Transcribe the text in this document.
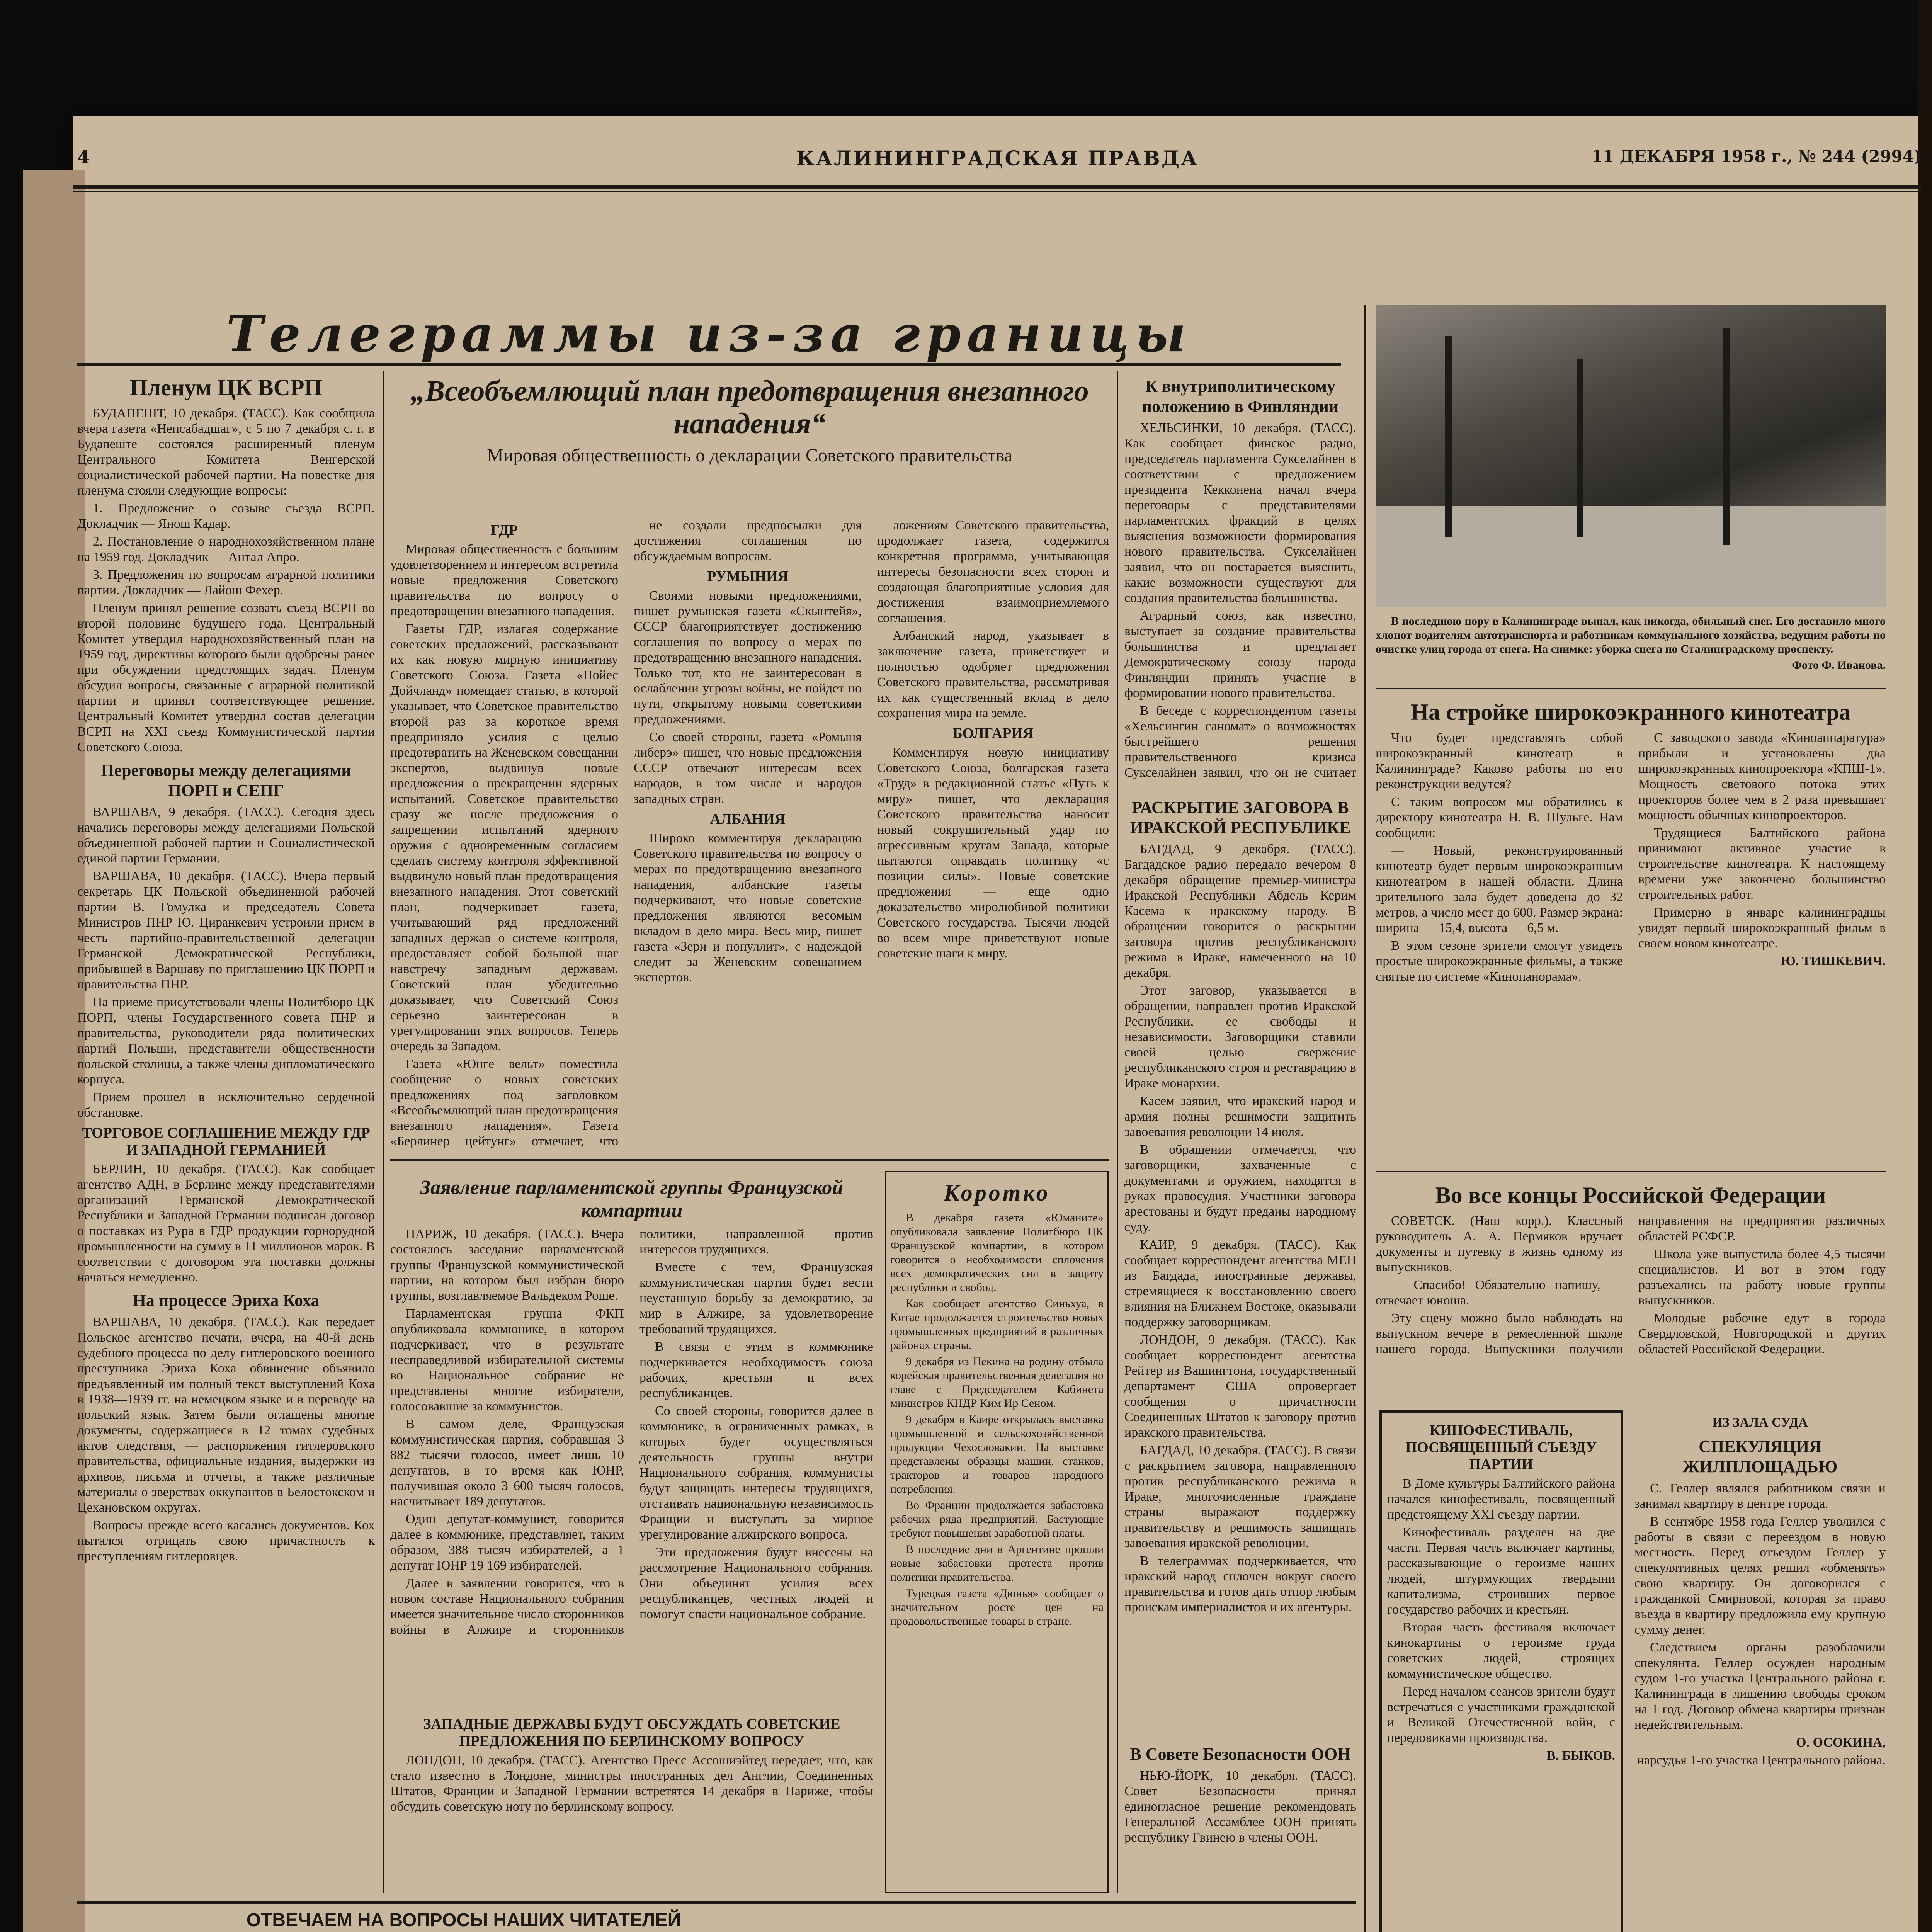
4	КАЛИНИНГРАДСКАЯ ПРАВДА	11 ДЕКАБРЯ 1958 г., № 244 (2994)
Телеграммы из-за границы

Пленум ЦК ВСРП

БУДАПЕШТ, 10 декабря. (ТАСС). Как сообщила вчера газета «Непсабадшаг», с 5 по 7 декабря с. г. в Будапеште состоялся расширенный пленум Центрального Комитета Венгерской социалистической рабочей партии. На повестке дня пленума стояли следующие вопросы:

1. Предложение о созыве съезда ВСРП. Докладчик — Янош Кадар.

2. Постановление о народнохозяйственном плане на 1959 год. Докладчик — Антал Апро.

3. Предложения по вопросам аграрной политики партии. Докладчик — Лайош Фехер.

Пленум принял решение созвать съезд ВСРП во второй половине будущего года. Центральный Комитет утвердил народнохозяйственный план на 1959 год, директивы которого были одобрены ранее при обсуждении предстоящих задач. Пленум обсудил вопросы, связанные с аграрной политикой партии и принял соответствующее решение. Центральный Комитет утвердил состав делегации ВСРП на XXI съезд Коммунистической партии Советского Союза.

Переговоры между делегациями ПОРП и СЕПГ

ВАРШАВА, 9 декабря. (ТАСС). Сегодня здесь начались переговоры между делегациями Польской объединенной рабочей партии и Социалистической единой партии Германии.

ВАРШАВА, 10 декабря. (ТАСС). Вчера первый секретарь ЦК Польской объединенной рабочей партии В. Гомулка и председатель Совета Министров ПНР Ю. Циранкевич устроили прием в честь партийно-правительственной делегации Германской Демократической Республики, прибывшей в Варшаву по приглашению ЦК ПОРП и правительства ПНР.

На приеме присутствовали члены Политбюро ЦК ПОРП, члены Государственного совета ПНР и правительства, руководители ряда политических партий Польши, представители общественности польской столицы, а также члены дипломатического корпуса.

Прием прошел в исключительно сердечной обстановке.

ТОРГОВОЕ СОГЛАШЕНИЕ МЕЖДУ ГДР И ЗАПАДНОЙ ГЕРМАНИЕЙ

БЕРЛИН, 10 декабря. (ТАСС). Как сообщает агентство АДН, в Берлине между представителями организаций Германской Демократической Республики и Западной Германии подписан договор о поставках из Рура в ГДР продукции горнорудной промышленности на сумму в 11 миллионов марок. В соответствии с договором эта поставки должны начаться немедленно.

На процессе Эриха Коха

ВАРШАВА, 10 декабря. (ТАСС). Как передает Польское агентство печати, вчера, на 40-й день судебного процесса по делу гитлеровского военного преступника Эриха Коха обвинение объявило предъявленный им полный текст выступлений Коха в 1938—1939 гг. на немецком языке и в переводе на польский язык. Затем были оглашены многие документы, содержащиеся в 12 томах судебных актов следствия, — распоряжения гитлеровского правительства, официальные издания, выдержки из архивов, письма и отчеты, а также различные материалы о зверствах оккупантов в Белостокском и Цехановском округах.

Вопросы прежде всего касались документов. Кох пытался отрицать свою причастность к преступлениям гитлеровцев.

„Всеобъемлющий план предотвращения внезапного нападения“

Мировая общественность о декларации Советского правительства

ГДР

Мировая общественность с большим удовлетворением и интересом встретила новые предложения Советского правительства по вопросу о предотвращении внезапного нападения.

Газеты ГДР, излагая содержание советских предложений, рассказывают их как новую мирную инициативу Советского Союза. Газета «Нойес Дойчланд» помещает статью, в которой указывает, что Советское правительство второй раз за короткое время предприняло усилия с целью предотвратить на Женевском совещании экспертов, выдвинув новые предложения о прекращении ядерных испытаний. Советское правительство сразу же после предложения о запрещении испытаний ядерного оружия с одновременным согласием сделать систему контроля эффективной выдвинуло новый план предотвращения внезапного нападения. Этот советский план, подчеркивает газета, учитывающий ряд предложений западных держав о системе контроля, предоставляет собой большой шаг навстречу западным державам. Советский план убедительно доказывает, что Советский Союз серьезно заинтересован в урегулировании этих вопросов. Теперь очередь за Западом.

Газета «Юнге вельт» поместила сообщение о новых советских предложениях под заголовком «Всеобъемлющий план предотвращения внезапного нападения». Газета «Берлинер цейтунг» отмечает, что

не создали предпосылки для достижения соглашения по обсуждаемым вопросам.

РУМЫНИЯ

Своими новыми предложениями, пишет румынская газета «Скынтейя», СССР благоприятствует достижению соглашения по вопросу о мерах по предотвращению внезапного нападения. Только тот, кто не заинтересован в ослаблении угрозы войны, не пойдет по пути, открытому новыми советскими предложениями.

Со своей стороны, газета «Ромыня либерэ» пишет, что новые предложения СССР отвечают интересам всех народов, в том числе и народов западных стран.

АЛБАНИЯ

Широко комментируя декларацию Советского правительства по вопросу о мерах по предотвращению внезапного нападения, албанские газеты подчеркивают, что новые советские предложения являются весомым вкладом в дело мира. Весь мир, пишет газета «Зери и популлит», с надеждой следит за Женевским совещанием экспертов.

ложениям Советского правительства, продолжает газета, содержится конкретная программа, учитывающая интересы безопасности всех сторон и создающая благоприятные условия для достижения взаимоприемлемого соглашения.

Албанский народ, указывает в заключение газета, приветствует и полностью одобряет предложения Советского правительства, рассматривая их как существенный вклад в дело сохранения мира на земле.

БОЛГАРИЯ

Комментируя новую инициативу Советского Союза, болгарская газета «Труд» в редакционной статье «Путь к миру» пишет, что декларация Советского правительства наносит новый сокрушительный удар по агрессивным кругам Запада, которые пытаются оправдать политику «с позиции силы». Новые советские предложения — еще одно доказательство миролюбивой политики Советского государства. Тысячи людей во всем мире приветствуют новые советские шаги к миру.

Заявление парламентской группы Французской компартии

ПАРИЖ, 10 декабря. (ТАСС). Вчера состоялось заседание парламентской группы Французской коммунистической партии, на котором был избран бюро группы, возглавляемое Вальдеком Роше.

Парламентская группа ФКП опубликовала коммюнике, в котором подчеркивает, что в результате несправедливой избирательной системы во Национальное собрание не представлены многие избиратели, голосовавшие за коммунистов.

В самом деле, Французская коммунистическая партия, собравшая 3 882 тысячи голосов, имеет лишь 10 депутатов, в то время как ЮНР, получившая около 3 600 тысяч голосов, насчитывает 189 депутатов.

Один депутат-коммунист, говорится далее в коммюнике, представляет, таким образом, 388 тысяч избирателей, а 1 депутат ЮНР 19 169 избирателей.

Далее в заявлении говорится, что в новом составе Национального собрания имеется значительное число сторонников войны в Алжире и сторонников политики, направленной против интересов трудящихся.

Вместе с тем, Французская коммунистическая партия будет вести неустанную борьбу за демократию, за мир в Алжире, за удовлетворение требований трудящихся.

В связи с этим в коммюнике подчеркивается необходимость союза рабочих, крестьян и всех республиканцев.

Со своей стороны, говорится далее в коммюнике, в ограниченных рамках, в которых будет осуществляться деятельность группы внутри Национального собрания, коммунисты будут защищать интересы трудящихся, отстаивать национальную независимость Франции и выступать за мирное урегулирование алжирского вопроса.

Эти предложения будут внесены на рассмотрение Национального собрания. Они объединят усилия всех республиканцев, честных людей и помогут спасти национальное собрание.

ЗАПАДНЫЕ ДЕРЖАВЫ БУДУТ ОБСУЖДАТЬ СОВЕТСКИЕ ПРЕДЛОЖЕНИЯ ПО БЕРЛИНСКОМУ ВОПРОСУ

ЛОНДОН, 10 декабря. (ТАСС). Агентство Пресс Ассошиэйтед передает, что, как стало известно в Лондоне, министры иностранных дел Англии, Соединенных Штатов, Франции и Западной Германии встретятся 14 декабря в Париже, чтобы обсудить советскую ноту по берлинскому вопросу.

Коротко

В декабря газета «Юманите» опубликовала заявление Политбюро ЦК Французской компартии, в котором говорится о необходимости сплочения всех демократических сил в защиту республики и свобод.

Как сообщает агентство Синьхуа, в Китае продолжается строительство новых промышленных предприятий в различных районах страны.

9 декабря из Пекина на родину отбыла корейская правительственная делегация во главе с Председателем Кабинета министров КНДР Ким Ир Сеном.

9 декабря в Каире открылась выставка промышленной и сельскохозяйственной продукции Чехословакии. На выставке представлены образцы машин, станков, тракторов и товаров народного потребления.

Во Франции продолжается забастовка рабочих ряда предприятий. Бастующие требуют повышения заработной платы.

В последние дни в Аргентине прошли новые забастовки протеста против политики правительства.

Турецкая газета «Дюнья» сообщает о значительном росте цен на продовольственные товары в стране.

К внутриполитическому положению в Финляндии

ХЕЛЬСИНКИ, 10 декабря. (ТАСС). Как сообщает финское радио, председатель парламента Сукселайнен в соответствии с предложением президента Кекконена начал вчера переговоры с представителями парламентских фракций в целях выяснения возможности формирования нового правительства. Сукселайнен заявил, что он постарается выяснить, какие возможности существуют для создания правительства большинства.

Аграрный союз, как известно, выступает за создание правительства большинства и предлагает Демократическому союзу народа Финляндии принять участие в формировании нового правительства.

В беседе с корреспондентом газеты «Хельсингин саномат» о возможностях быстрейшего решения правительственного кризиса Сукселайнен заявил, что он не считает

РАСКРЫТИЕ ЗАГОВОРА В ИРАКСКОЙ РЕСПУБЛИКЕ

БАГДАД, 9 декабря. (ТАСС). Багдадское радио передало вечером 8 декабря обращение премьер-министра Иракской Республики Абдель Керим Касема к иракскому народу. В обращении говорится о раскрытии заговора против республиканского режима в Ираке, намеченного на 10 декабря.

Этот заговор, указывается в обращении, направлен против Иракской Республики, ее свободы и независимости. Заговорщики ставили своей целью свержение республиканского строя и реставрацию в Ираке монархии.

Касем заявил, что иракский народ и армия полны решимости защитить завоевания революции 14 июля.

В обращении отмечается, что заговорщики, захваченные с документами и оружием, находятся в руках правосудия. Участники заговора арестованы и будут преданы народному суду.

КАИР, 9 декабря. (ТАСС). Как сообщает корреспондент агентства МЕН из Багдада, иностранные державы, стремящиеся к восстановлению своего влияния на Ближнем Востоке, оказывали поддержку заговорщикам.

ЛОНДОН, 9 декабря. (ТАСС). Как сообщает корреспондент агентства Рейтер из Вашингтона, государственный департамент США опровергает сообщения о причастности Соединенных Штатов к заговору против иракского правительства.

БАГДАД, 10 декабря. (ТАСС). В связи с раскрытием заговора, направленного против республиканского режима в Ираке, многочисленные граждане страны выражают поддержку правительству и решимость защищать завоевания иракской революции.

В телеграммах подчеркивается, что иракский народ сплочен вокруг своего правительства и готов дать отпор любым проискам империалистов и их агентуры.

В Совете Безопасности ООН

НЬЮ-ЙОРК, 10 декабря. (ТАСС). Совет Безопасности принял единогласное решение рекомендовать Генеральной Ассамблее ООН принять республику Гвинею в члены ООН.

В последнюю пору в Калининграде выпал, как никогда, обильный снег. Его доставило много хлопот водителям автотранспорта и работникам коммунального хозяйства, ведущим работы по очистке улиц города от снега. На снимке: уборка снега по Сталинградскому проспекту.

Фото Ф. Иванова.

На стройке широкоэкранного кинотеатра

Что будет представлять собой широкоэкранный кинотеатр в Калининграде? Каково работы по его реконструкции ведутся?

С таким вопросом мы обратились к директору кинотеатра Н. В. Шульге. Нам сообщили:

— Новый, реконструированный кинотеатр будет первым широкоэкранным кинотеатром в нашей области. Длина зрительного зала будет доведена до 32 метров, а число мест до 600. Размер экрана: ширина — 15,4, высота — 6,5 м.

В этом сезоне зрители смогут увидеть простые широкоэкранные фильмы, а также снятые по системе «Кинопанорама».

С заводского завода «Киноаппаратура» прибыли и установлены два широкоэкранных кинопроектора «КПШ-1». Мощность светового потока этих проекторов более чем в 2 раза превышает мощность обычных кинопроекторов.

Трудящиеся Балтийского района принимают активное участие в строительстве кинотеатра. К настоящему времени уже закончено большинство строительных работ.

Примерно в январе калининградцы увидят первый широкоэкранный фильм в своем новом кинотеатре.

Ю. ТИШКЕВИЧ.

Во все концы Российской Федерации

СОВЕТСК. (Наш корр.). Классный руководитель А. А. Пермяков вручает документы и путевку в жизнь одному из выпускников.

— Спасибо! Обязательно напишу, — отвечает юноша.

Эту сцену можно было наблюдать на выпускном вечере в ремесленной школе нашего города. Выпускники получили направления на предприятия различных областей РСФСР.

Школа уже выпустила более 4,5 тысячи специалистов. И вот в этом году разъехались на работу новые группы выпускников.

Молодые рабочие едут в города Свердловской, Новгородской и других областей Российской Федерации.

КИНОФЕСТИВАЛЬ, ПОСВЯЩЕННЫЙ СЪЕЗДУ ПАРТИИ

В Доме культуры Балтийского района начался кинофестиваль, посвященный предстоящему XXI съезду партии.

Кинофестиваль разделен на две части. Первая часть включает картины, рассказывающие о героизме наших людей, штурмующих твердыни капитализма, строивших первое государство рабочих и крестьян.

Вторая часть фестиваля включает кинокартины о героизме труда советских людей, строящих коммунистическое общество.

Перед началом сеансов зрители будут встречаться с участниками гражданской и Великой Отечественной войн, с передовиками производства.

В. БЫКОВ.

ИЗ ЗАЛА СУДА

СПЕКУЛЯЦИЯ ЖИЛПЛОЩАДЬЮ

С. Геллер являлся работником связи и занимал квартиру в центре города.

В сентябре 1958 года Геллер уволился с работы в связи с переездом в новую местность. Перед отъездом Геллер у спекулятивных целях решил «обменять» свою квартиру. Он договорился с гражданкой Смирновой, которая за право въезда в квартиру предложила ему крупную сумму денег.

Следствием органы разоблачили спекулянта. Геллер осужден народным судом 1-го участка Центрального района г. Калининграда в лишению свободы сроком на 1 год. Договор обмена квартиры признан недействительным.

О. ОСОКИНА,

нарсудья 1-го участка Центрального района.

ОТВЕЧАЕМ НА ВОПРОСЫ НАШИХ ЧИТАТЕЛЕЙ
